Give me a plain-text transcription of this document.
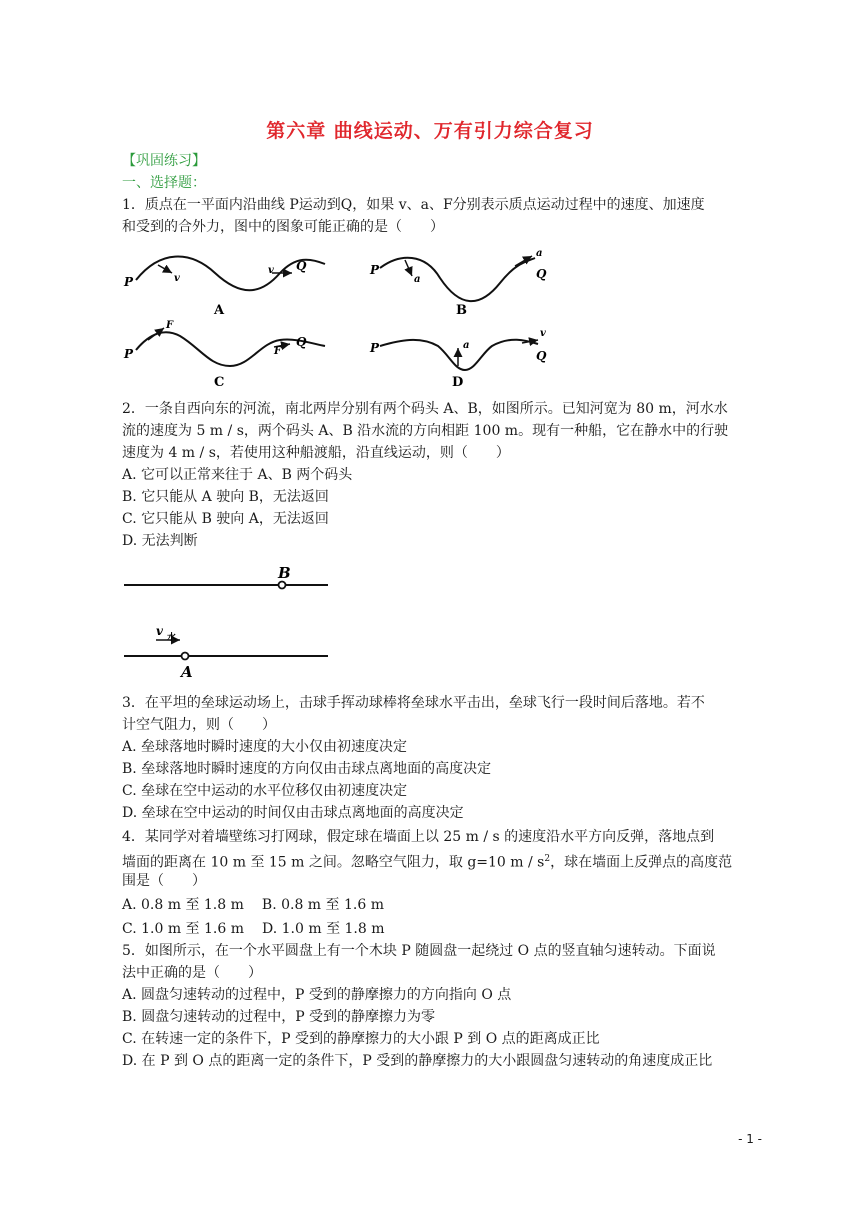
第六章 曲线运动、万有引力综合复习
【巩固练习】
一、选择题：
1．质点在一平面内沿曲线 P运动到Q，如果 v、a、F分别表示质点运动过程中的速度、加速度
和受到的合外力，图中的图象可能正确的是（　　）
P
Q
v
v
A
P	Q
a
a
B
P
Q
F
F
C
P
Q
a
v
D
2．一条自西向东的河流，南北两岸分别有两个码头 A、B，如图所示。已知河宽为 80 m，河水水
流的速度为 5 m / s，两个码头 A、B 沿水流的方向相距 100 m。现有一种船，它在静水中的行驶
速度为 4 m / s，若使用这种船渡船，沿直线运动，则（　　）
A. 它可以正常来往于 A、B 两个码头
B. 它只能从 A 驶向 B，无法返回
C. 它只能从 B 驶向 A，无法返回
D. 无法判断
B
v 水
A
3．在平坦的垒球运动场上，击球手挥动球棒将垒球水平击出，垒球飞行一段时间后落地。若不
计空气阻力，则（　　）
A. 垒球落地时瞬时速度的大小仅由初速度决定
B. 垒球落地时瞬时速度的方向仅由击球点离地面的高度决定
C. 垒球在空中运动的水平位移仅由初速度决定
D. 垒球在空中运动的时间仅由击球点离地面的高度决定
4．某同学对着墙壁练习打网球，假定球在墙面上以 25 m / s 的速度沿水平方向反弹，落地点到
墙面的距离在 10 m 至 15 m 之间。忽略空气阻力，取 g=10 m / $s^2$，球在墙面上反弹点的高度范
围是（　　）
A. 0.8 m 至 1.8 m B. 0.8 m 至 1.6 m
C. 1.0 m 至 1.6 m D. 1.0 m 至 1.8 m
5．如图所示，在一个水平圆盘上有一个木块 P 随圆盘一起绕过 O 点的竖直轴匀速转动。下面说
法中正确的是（　　）
A. 圆盘匀速转动的过程中，P 受到的静摩擦力的方向指向 O 点
B. 圆盘匀速转动的过程中，P 受到的静摩擦力为零
C. 在转速一定的条件下，P 受到的静摩擦力的大小跟 P 到 O 点的距离成正比
D. 在 P 到 O 点的距离一定的条件下，P 受到的静摩擦力的大小跟圆盘匀速转动的角速度成正比
- 1 -
